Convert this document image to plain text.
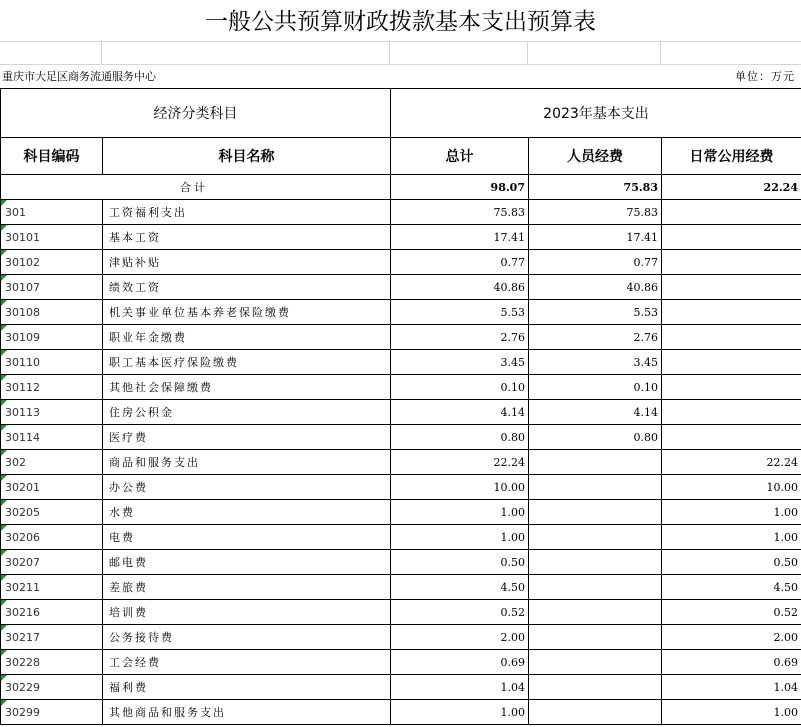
一般公共预算财政拨款基本支出预算表
重庆市大足区商务流通服务中心	单位：万元
经济分类科目		2023年基本支出		
科目编码	科目名称	总计	人员经费	日常公用经费
合计		98.07	75.83	22.24
301	工资福利支出	75.83	75.83	
30101	基本工资	17.41	17.41	
30102	津贴补贴	0.77	0.77	
30107	绩效工资	40.86	40.86	
30108	机关事业单位基本养老保险缴费	5.53	5.53	
30109	职业年金缴费	2.76	2.76	
30110	职工基本医疗保险缴费	3.45	3.45	
30112	其他社会保障缴费	0.10	0.10	
30113	住房公积金	4.14	4.14	
30114	医疗费	0.80	0.80	
302	商品和服务支出	22.24		22.24
30201	办公费	10.00		10.00
30205	水费	1.00		1.00
30206	电费	1.00		1.00
30207	邮电费	0.50		0.50
30211	差旅费	4.50		4.50
30216	培训费	0.52		0.52
30217	公务接待费	2.00		2.00
30228	工会经费	0.69		0.69
30229	福利费	1.04		1.04
30299	其他商品和服务支出	1.00		1.00
